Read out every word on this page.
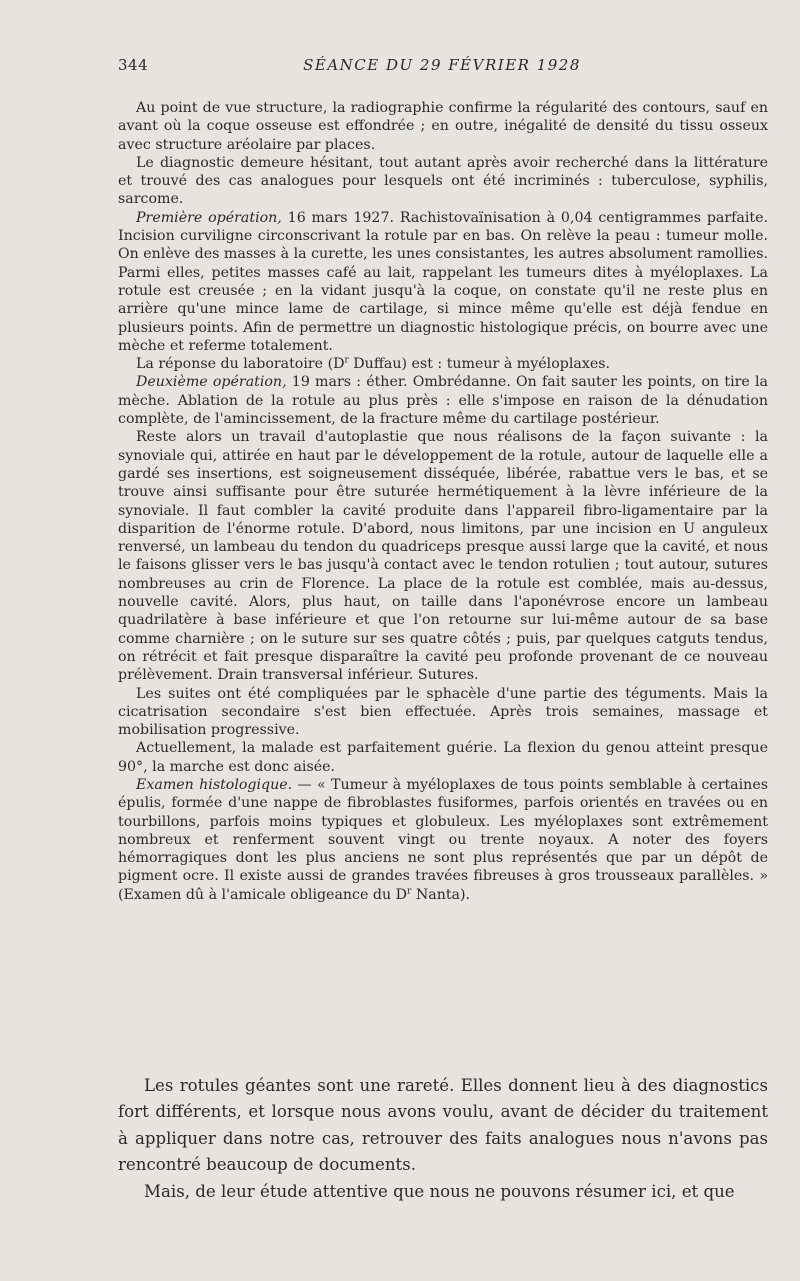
344	SÉANCE DU 29 FÉVRIER 1928

Au point de vue structure, la radiographie confirme la régularité des contours, sauf en avant où la coque osseuse est effondrée ; en outre, inégalité de densité du tissu osseux avec structure aréolaire par places.

Le diagnostic demeure hésitant, tout autant après avoir recherché dans la littérature et trouvé des cas analogues pour lesquels ont été incriminés : tuberculose, syphilis, sarcome.

Première opération, 16 mars 1927. Rachistovaïnisation à 0,04 centigrammes parfaite. Incision curviligne circonscrivant la rotule par en bas. On relève la peau : tumeur molle. On enlève des masses à la curette, les unes consistantes, les autres absolument ramollies. Parmi elles, petites masses café au lait, rappelant les tumeurs dites à myéloplaxes. La rotule est creusée ; en la vidant jusqu'à la coque, on constate qu'il ne reste plus en arrière qu'une mince lame de cartilage, si mince même qu'elle est déjà fendue en plusieurs points. Afin de permettre un diagnostic histologique précis, on bourre avec une mèche et referme totalement.

La réponse du laboratoire ($D^r$ Duffau) est : tumeur à myéloplaxes.

Deuxième opération, 19 mars : éther. Ombrédanne. On fait sauter les points, on tire la mèche. Ablation de la rotule au plus près : elle s'impose en raison de la dénudation complète, de l'amincissement, de la fracture même du cartilage postérieur.

Reste alors un travail d'autoplastie que nous réalisons de la façon suivante : la synoviale qui, attirée en haut par le développement de la rotule, autour de laquelle elle a gardé ses insertions, est soigneusement disséquée, libérée, rabattue vers le bas, et se trouve ainsi suffisante pour être suturée hermétiquement à la lèvre inférieure de la synoviale. Il faut combler la cavité produite dans l'appareil fibro-ligamentaire par la disparition de l'énorme rotule. D'abord, nous limitons, par une incision en U anguleux renversé, un lambeau du tendon du quadriceps presque aussi large que la cavité, et nous le faisons glisser vers le bas jusqu'à contact avec le tendon rotulien ; tout autour, sutures nombreuses au crin de Florence. La place de la rotule est comblée, mais au-dessus, nouvelle cavité. Alors, plus haut, on taille dans l'aponévrose encore un lambeau quadrilatère à base inférieure et que l'on retourne sur lui-même autour de sa base comme charnière ; on le suture sur ses quatre côtés ; puis, par quelques catguts tendus, on rétrécit et fait presque disparaître la cavité peu profonde provenant de ce nouveau prélèvement. Drain transversal inférieur. Sutures.

Les suites ont été compliquées par le sphacèle d'une partie des téguments. Mais la cicatrisation secondaire s'est bien effectuée. Après trois semaines, massage et mobilisation progressive.

Actuellement, la malade est parfaitement guérie. La flexion du genou atteint presque 90°, la marche est donc aisée.

Examen histologique. — « Tumeur à myéloplaxes de tous points semblable à certaines épulis, formée d'une nappe de fibroblastes fusiformes, parfois orientés en travées ou en tourbillons, parfois moins typiques et globuleux. Les myéloplaxes sont extrêmement nombreux et renferment souvent vingt ou trente noyaux. A noter des foyers hémorragiques dont les plus anciens ne sont plus représentés que par un dépôt de pigment ocre. Il existe aussi de grandes travées fibreuses à gros trousseaux parallèles. » (Examen dû à l'amicale obligeance du $D^r$ Nanta).

Les rotules géantes sont une rareté. Elles donnent lieu à des diagnostics fort différents, et lorsque nous avons voulu, avant de décider du traitement à appliquer dans notre cas, retrouver des faits analogues nous n'avons pas rencontré beaucoup de documents.

Mais, de leur étude attentive que nous ne pouvons résumer ici, et que
